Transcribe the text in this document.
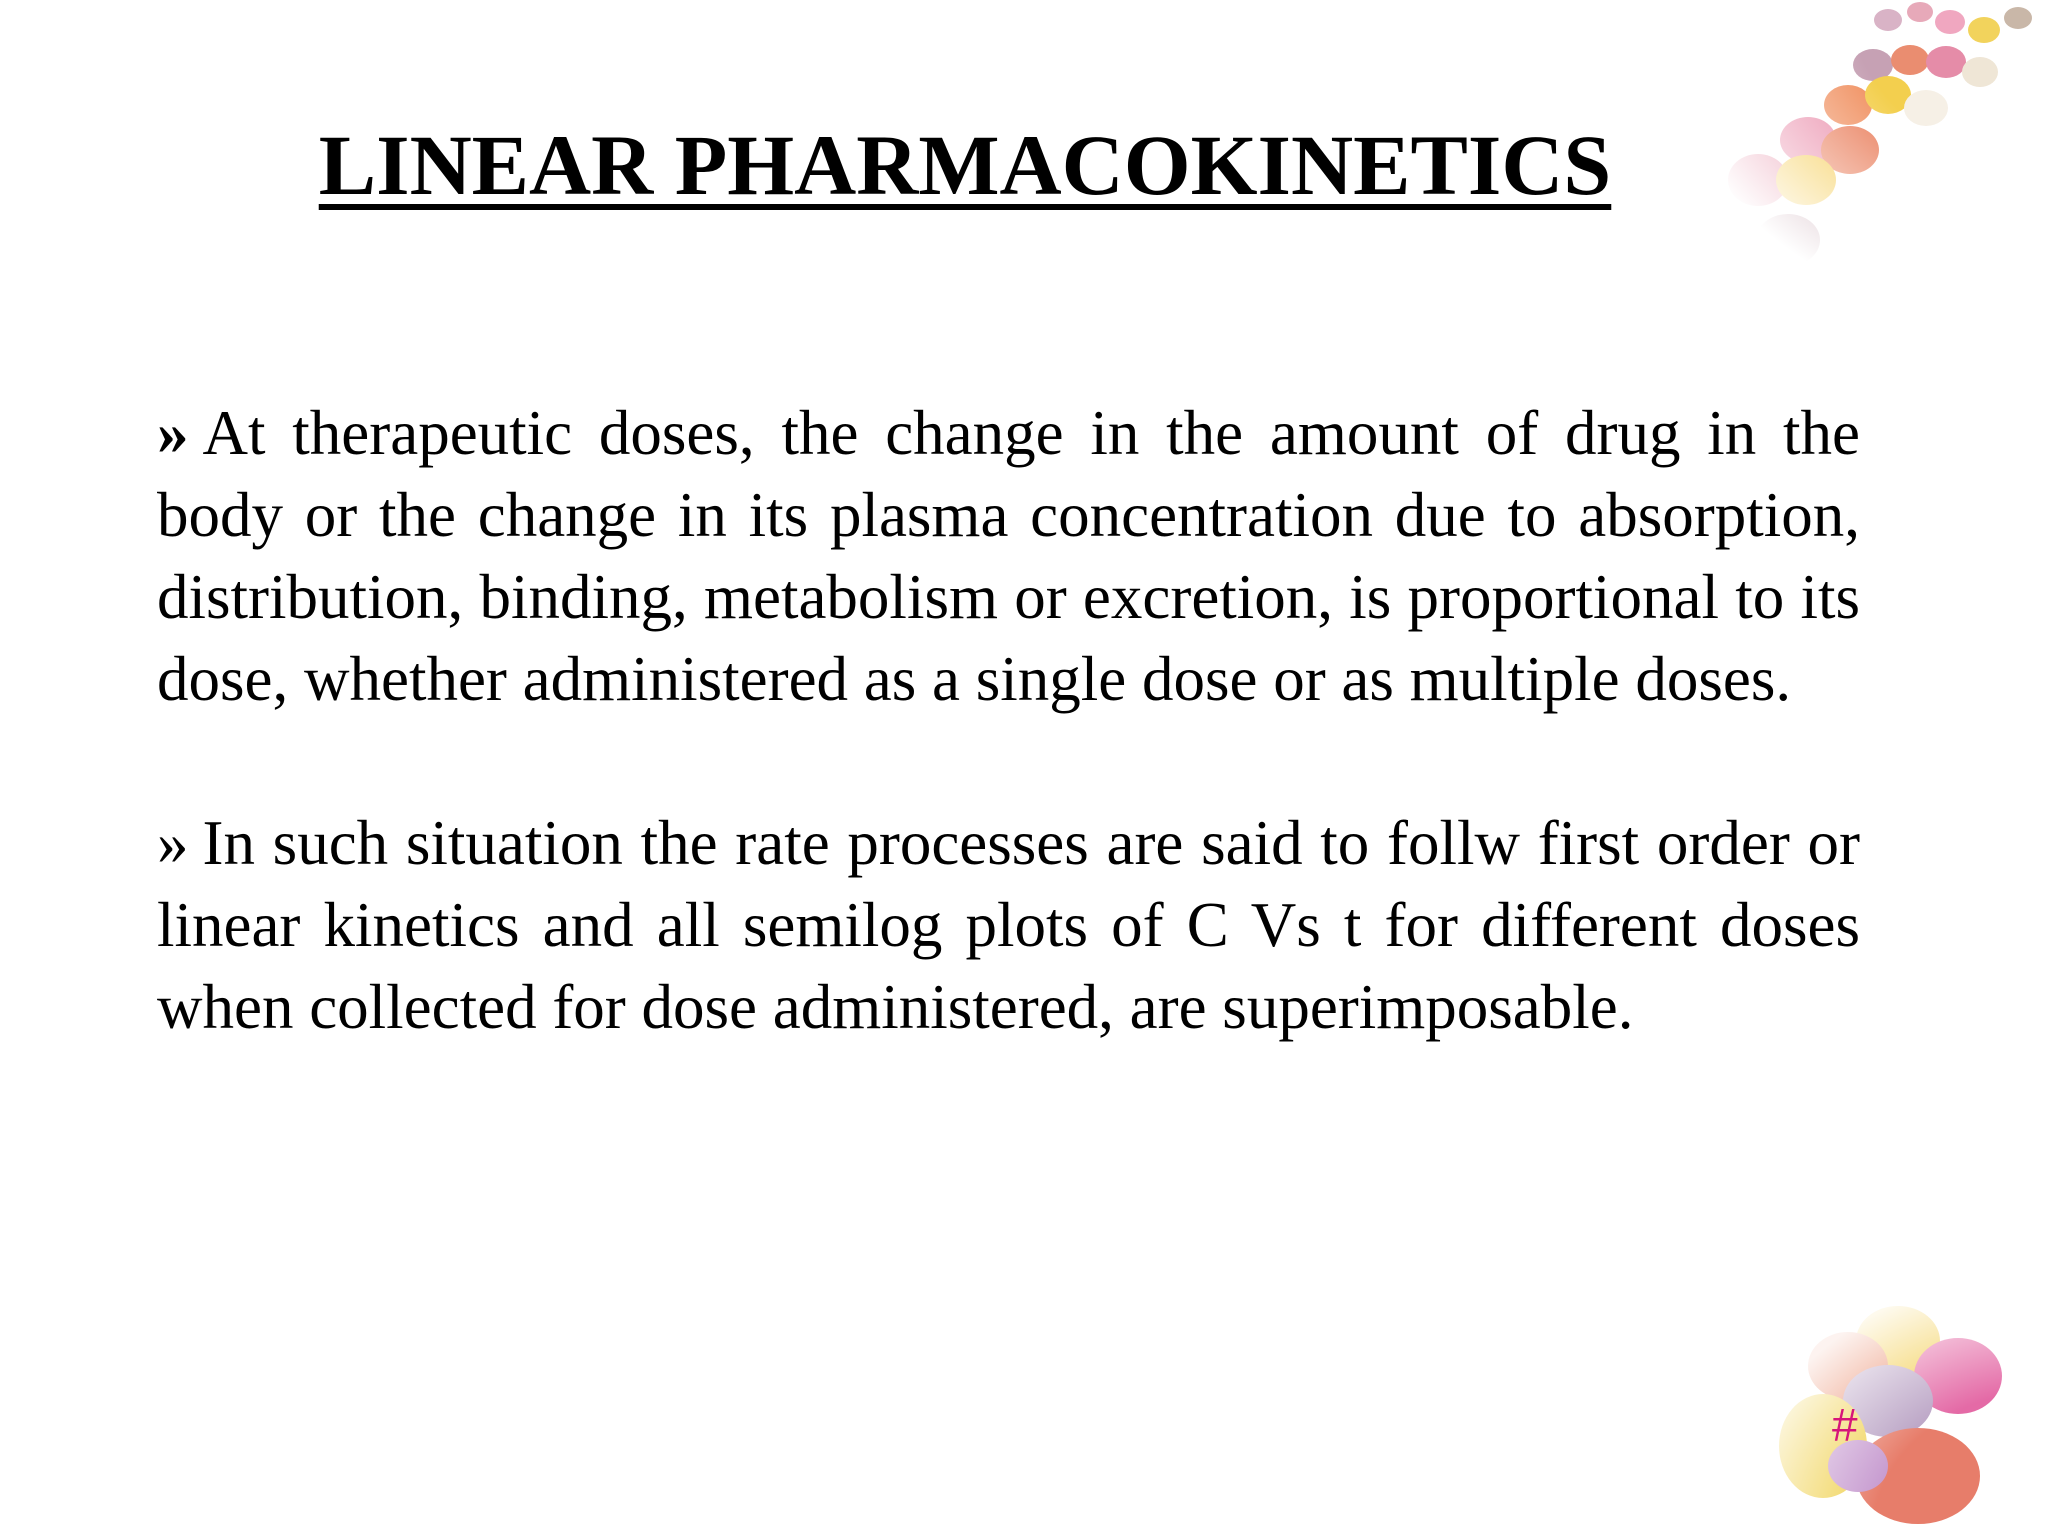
LINEAR PHARMACOKINETICS

» At therapeutic doses, the change in the amount of drug in the body or the change in its plasma concentration due to absorption, distribution, binding, metabolism or excretion, is proportional to its dose, whether administered as a single dose or as multiple doses.

» In such situation the rate processes are said to follw first order or linear kinetics and all semilog plots of C Vs t for different doses when collected for dose administered, are superimposable.

#
